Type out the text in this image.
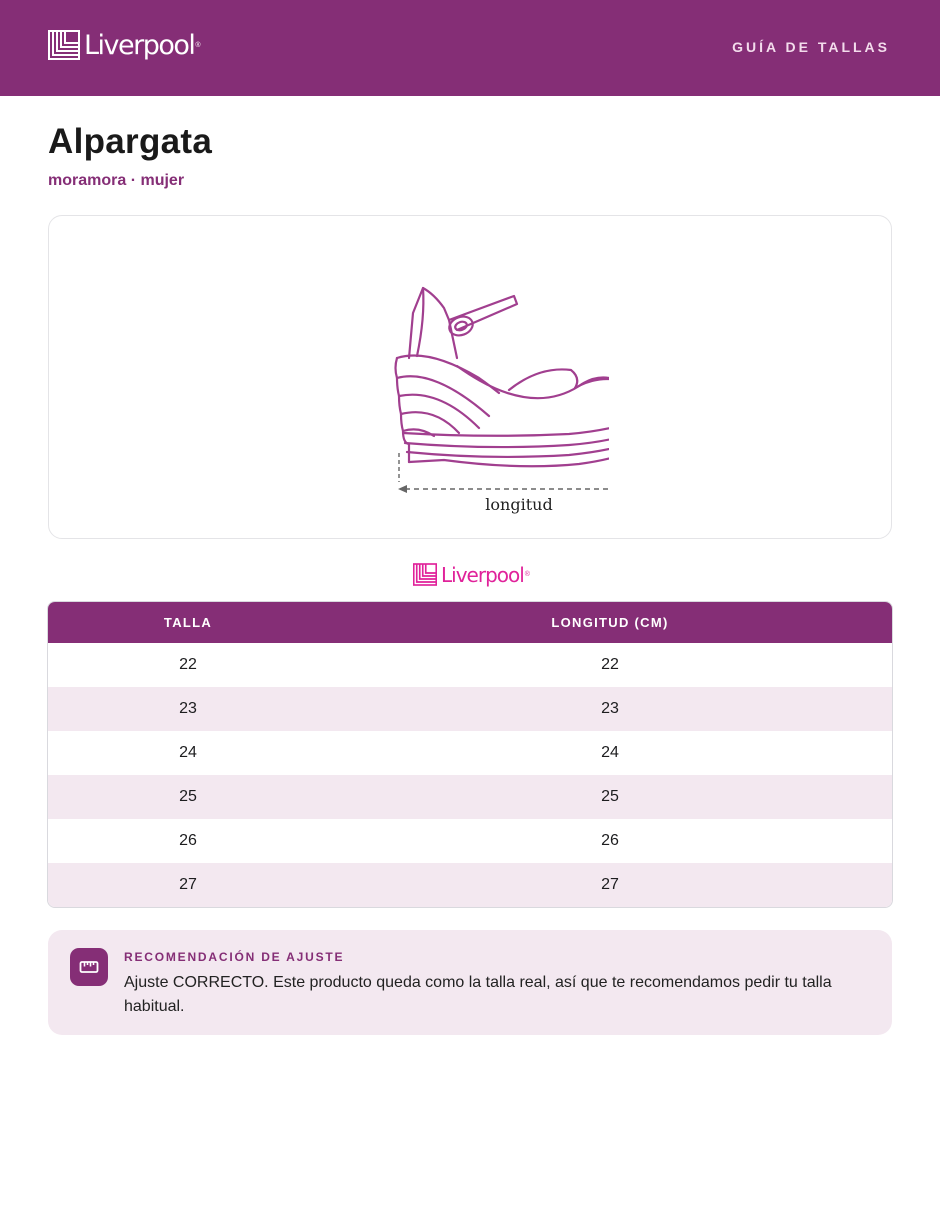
Liverpool ®	GUÍA DE TALLAS
Alpargata
moramora · mujer
longitud
Liverpool ®
TALLA	LONGITUD (CM)
22	22
23	23
24	24
25	25
26	26
27	27
RECOMENDACIÓN DE AJUSTE
Ajuste CORRECTO. Este producto queda como la talla real, así que te recomendamos pedir tu talla habitual.
